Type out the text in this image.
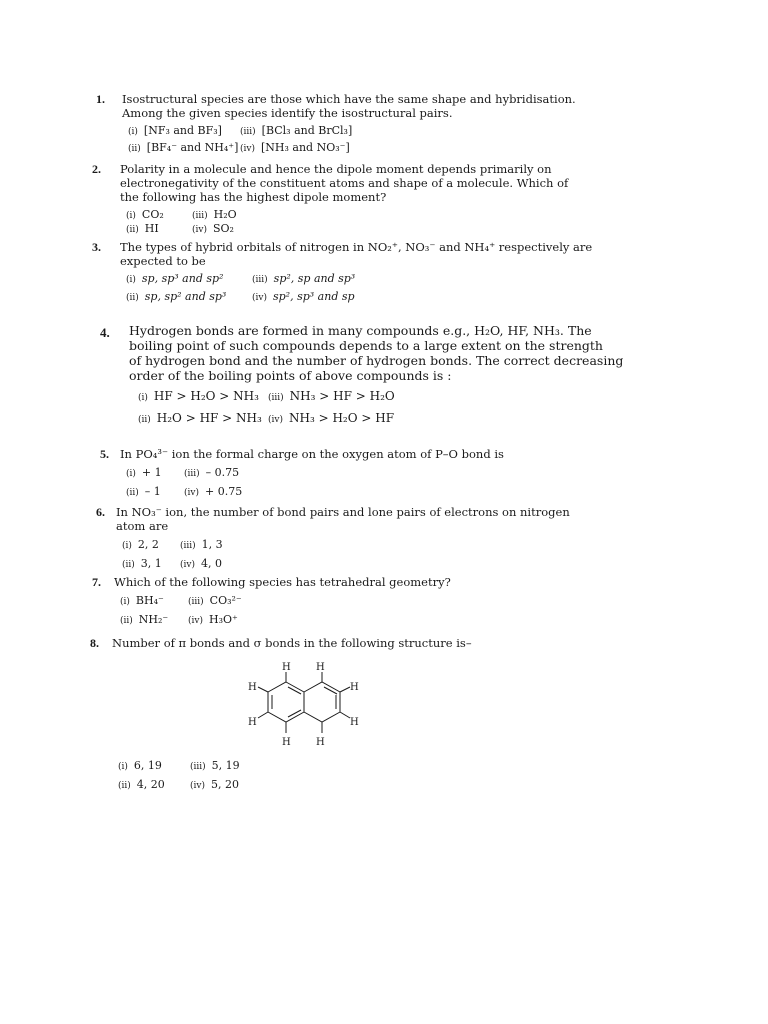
1. Isostructural species are those which have the same shape and hybridisation.
Among the given species identify the isostructural pairs.
(i) [NF₃ and BF₃] (iii) [BCl₃ and BrCl₃]
(ii) [BF₄⁻ and NH₄⁺] (iv) [NH₃ and NO₃⁻]
2. Polarity in a molecule and hence the dipole moment depends primarily on
electronegativity of the constituent atoms and shape of a molecule. Which of
the following has the highest dipole moment?
(i) CO₂	(iii) H₂O
(ii) HI	(iv) SO₂
3. The types of hybrid orbitals of nitrogen in NO₂⁺, NO₃⁻ and NH₄⁺ respectively are
expected to be
(i) sp, sp³ and sp²	(iii) sp², sp and sp³
(ii) sp, sp² and sp³	(iv) sp², sp³ and sp
4. Hydrogen bonds are formed in many compounds e.g., H₂O, HF, NH₃. The
boiling point of such compounds depends to a large extent on the strength
of hydrogen bond and the number of hydrogen bonds. The correct decreasing
order of the boiling points of above compounds is :
(i) HF > H₂O > NH₃ (iii) NH₃ > HF > H₂O
(ii) H₂O > HF > NH₃ (iv) NH₃ > H₂O > HF
5. In PO₄³⁻ ion the formal charge on the oxygen atom of P–O bond is
(i) + 1 (iii) – 0.75
(ii) – 1	(iv) + 0.75
6. In NO₃⁻ ion, the number of bond pairs and lone pairs of electrons on nitrogen
atom are
(i) 2, 2 (iii) 1, 3
(ii) 3, 1 (iv) 4, 0
7. Which of the following species has tetrahedral geometry?
(i) BH₄⁻	(iii) CO₃²⁻
(ii) NH₂⁻ (iv) H₃O⁺
8. Number of π bonds and σ bonds in the following structure is–
H	H
H	H
H	H
H	H
(i) 6, 19	(iii) 5, 19
(ii) 4, 20	(iv) 5, 20
